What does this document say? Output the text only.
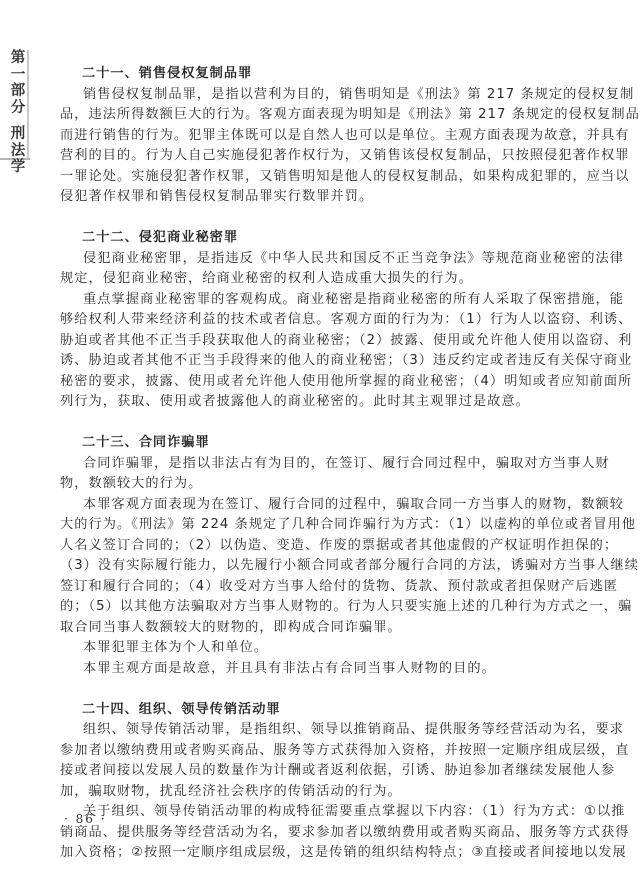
第
一
部
分
刑
法
学
二十一、销售侵权复制品罪
销售侵权复制品罪，是指以营利为目的，销售明知是《刑法》第 217 条规定的侵权复制
品，违法所得数额巨大的行为。客观方面表现为明知是《刑法》第 217 条规定的侵权复制品
而进行销售的行为。犯罪主体既可以是自然人也可以是单位。主观方面表现为故意，并具有
营利的目的。行为人自己实施侵犯著作权行为，又销售该侵权复制品，只按照侵犯著作权罪
一罪论处。实施侵犯著作权罪，又销售明知是他人的侵权复制品，如果构成犯罪的，应当以
侵犯著作权罪和销售侵权复制品罪实行数罪并罚。
二十二、侵犯商业秘密罪
侵犯商业秘密罪，是指违反《中华人民共和国反不正当竞争法》等规范商业秘密的法律
规定，侵犯商业秘密，给商业秘密的权利人造成重大损失的行为。
重点掌握商业秘密罪的客观构成。商业秘密是指商业秘密的所有人采取了保密措施，能
够给权利人带来经济利益的技术或者信息。客观方面的行为为：（1）行为人以盗窃、利诱、
胁迫或者其他不正当手段获取他人的商业秘密；（2）披露、使用或允许他人使用以盗窃、利
诱、胁迫或者其他不正当手段得来的他人的商业秘密；（3）违反约定或者违反有关保守商业
秘密的要求，披露、使用或者允许他人使用他所掌握的商业秘密；（4）明知或者应知前面所
列行为，获取、使用或者披露他人的商业秘密的。此时其主观罪过是故意。
二十三、合同诈骗罪
合同诈骗罪，是指以非法占有为目的，在签订、履行合同过程中，骗取对方当事人财
物，数额较大的行为。
本罪客观方面表现为在签订、履行合同的过程中，骗取合同一方当事人的财物，数额较
大的行为。《刑法》第 224 条规定了几种合同诈骗行为方式：（1）以虚构的单位或者冒用他
人名义签订合同的；（2）以伪造、变造、作废的票据或者其他虚假的产权证明作担保的；
（3）没有实际履行能力，以先履行小额合同或者部分履行合同的方法，诱骗对方当事人继续
签订和履行合同的；（4）收受对方当事人给付的货物、货款、预付款或者担保财产后逃匿
的；（5）以其他方法骗取对方当事人财物的。行为人只要实施上述的几种行为方式之一，骗
取合同当事人数额较大的财物的，即构成合同诈骗罪。
本罪犯罪主体为个人和单位。
本罪主观方面是故意，并且具有非法占有合同当事人财物的目的。
二十四、组织、领导传销活动罪
组织、领导传销活动罪，是指组织、领导以推销商品、提供服务等经营活动为名，要求
参加者以缴纳费用或者购买商品、服务等方式获得加入资格，并按照一定顺序组成层级，直
接或者间接以发展人员的数量作为计酬或者返利依据，引诱、胁迫参加者继续发展他人参
加，骗取财物，扰乱经济社会秩序的传销活动的行为。
关于组织、领导传销活动罪的构成特征需要重点掌握以下内容：（1）行为方式：①以推
销商品、提供服务等经营活动为名，要求参加者以缴纳费用或者购买商品、服务等方式获得
加入资格；②按照一定顺序组成层级，这是传销的组织结构特点；③直接或者间接地以发展
· 86 ·
